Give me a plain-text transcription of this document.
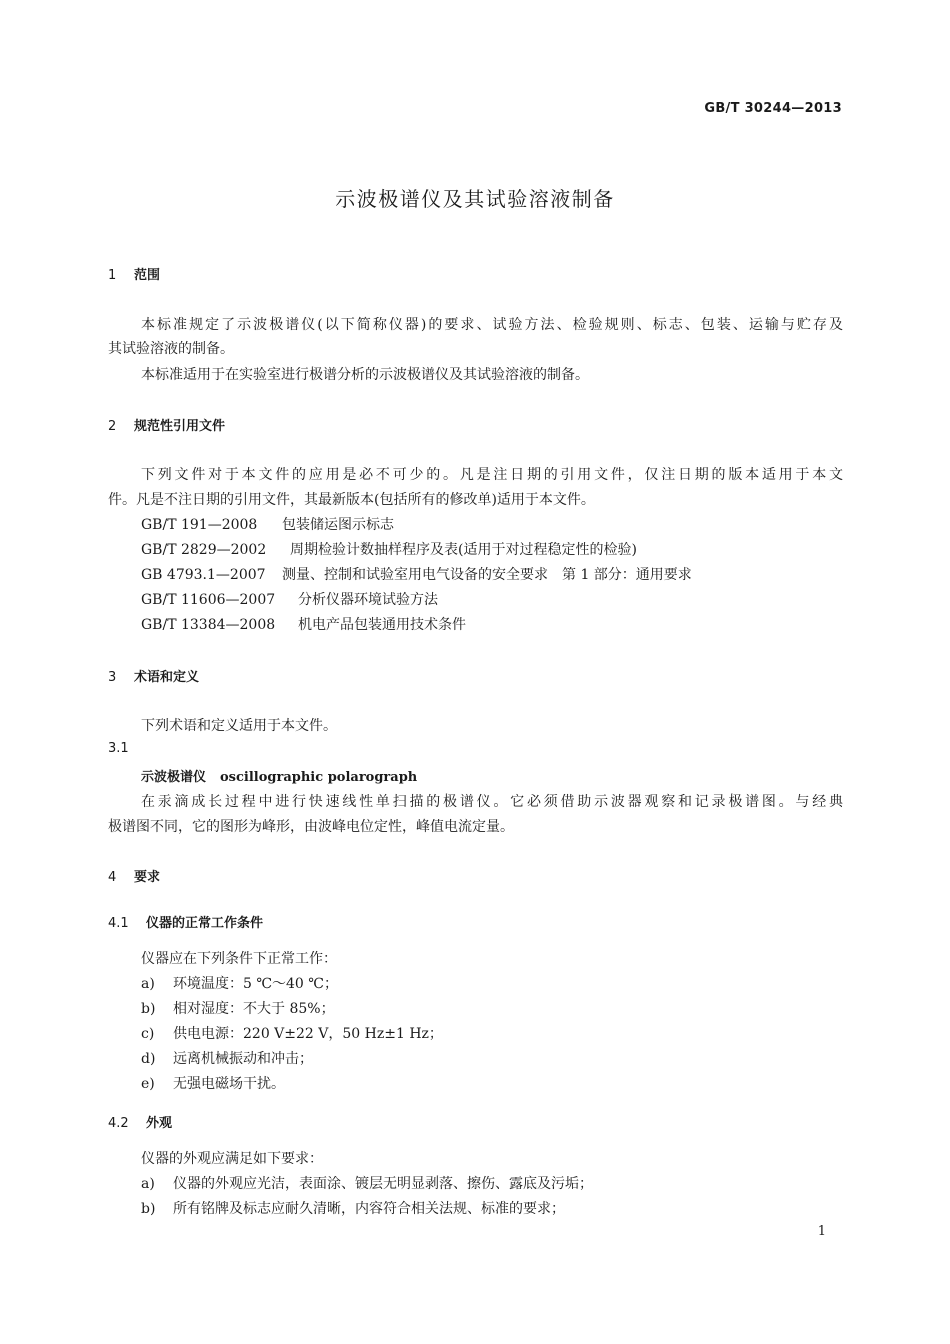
GB/T 30244—2013
示波极谱仪及其试验溶液制备
1 范围
本标准规定了示波极谱仪(以下简称仪器)的要求、试验方法、检验规则、标志、包装、运输与贮存及
其试验溶液的制备。
本标准适用于在实验室进行极谱分析的示波极谱仪及其试验溶液的制备。
2 规范性引用文件
下列文件对于本文件的应用是必不可少的。凡是注日期的引用文件，仅注日期的版本适用于本文
件。凡是不注日期的引用文件，其最新版本(包括所有的修改单)适用于本文件。
GB/T 191—2008 包装储运图示标志
GB/T 2829—2002 周期检验计数抽样程序及表(适用于对过程稳定性的检验)
GB 4793.1—2007 测量、控制和试验室用电气设备的安全要求　第 1 部分：通用要求
GB/T 11606—2007 分析仪器环境试验方法
GB/T 13384—2008 机电产品包装通用技术条件
3 术语和定义
下列术语和定义适用于本文件。
3.1
示波极谱仪 oscillographic polarograph
在汞滴成长过程中进行快速线性单扫描的极谱仪。它必须借助示波器观察和记录极谱图。与经典
极谱图不同，它的图形为峰形，由波峰电位定性，峰值电流定量。
4 要求
4.1 仪器的正常工作条件
仪器应在下列条件下正常工作：
a) 环境温度：5 ℃～40 ℃；
b) 相对湿度：不大于 85%；
c) 供电电源：220 V±22 V，50 Hz±1 Hz；
d) 远离机械振动和冲击；
e) 无强电磁场干扰。
4.2 外观
仪器的外观应满足如下要求：
a) 仪器的外观应光洁，表面涂、镀层无明显剥落、擦伤、露底及污垢；
b) 所有铭牌及标志应耐久清晰，内容符合相关法规、标准的要求；
1
